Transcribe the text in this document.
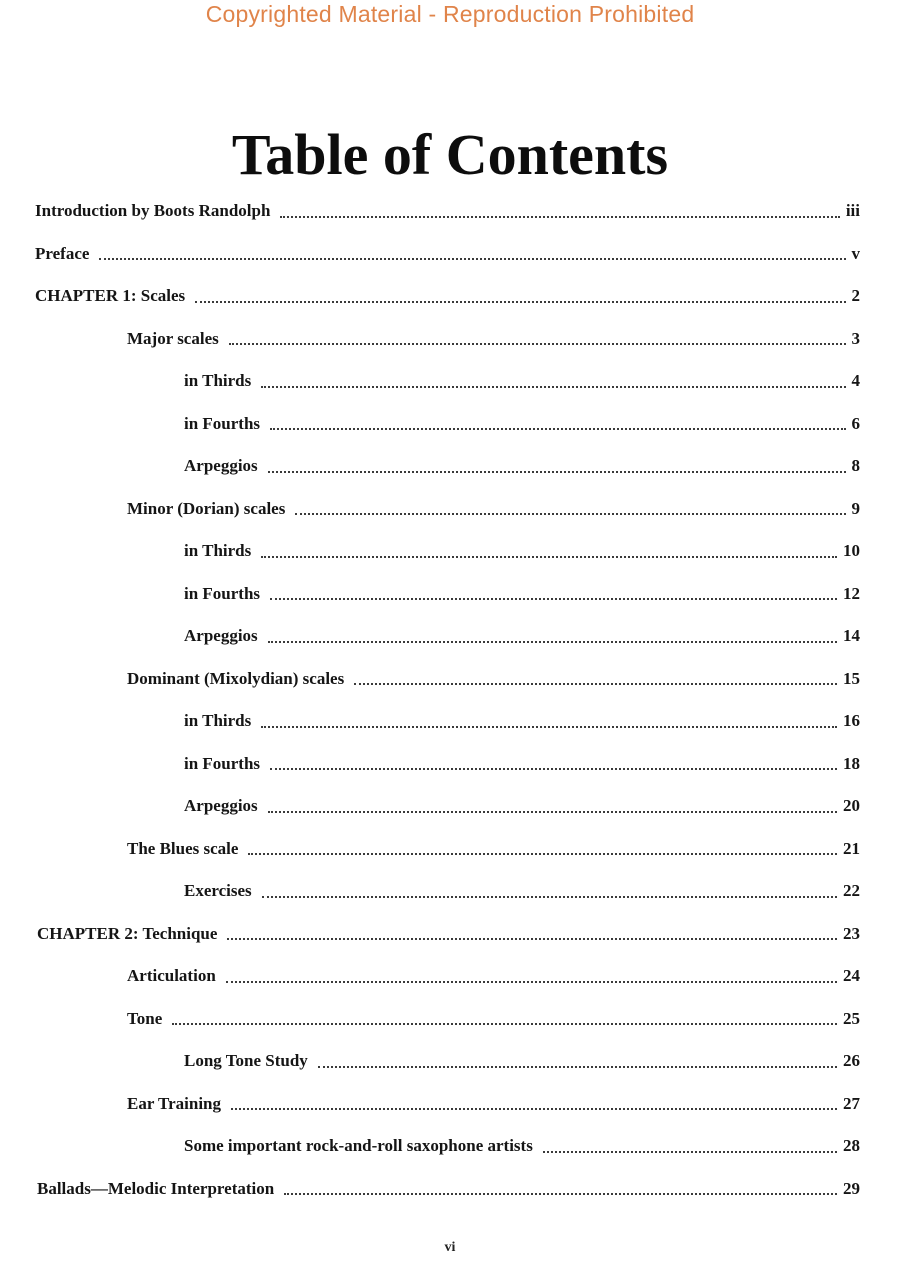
Copyrighted Material - Reproduction Prohibited
Table of Contents
Introduction by Boots Randolph	iii
Preface	v
CHAPTER 1: Scales	2
Major scales	3
in Thirds	4
in Fourths	6
Arpeggios	8
Minor (Dorian) scales	9
in Thirds	10
in Fourths	12
Arpeggios	14
Dominant (Mixolydian) scales	15
in Thirds	16
in Fourths	18
Arpeggios	20
The Blues scale	21
Exercises	22
CHAPTER 2: Technique	23
Articulation	24
Tone	25
Long Tone Study	26
Ear Training	27
Some important rock-and-roll saxophone artists	28
Ballads—Melodic Interpretation	29
vi
